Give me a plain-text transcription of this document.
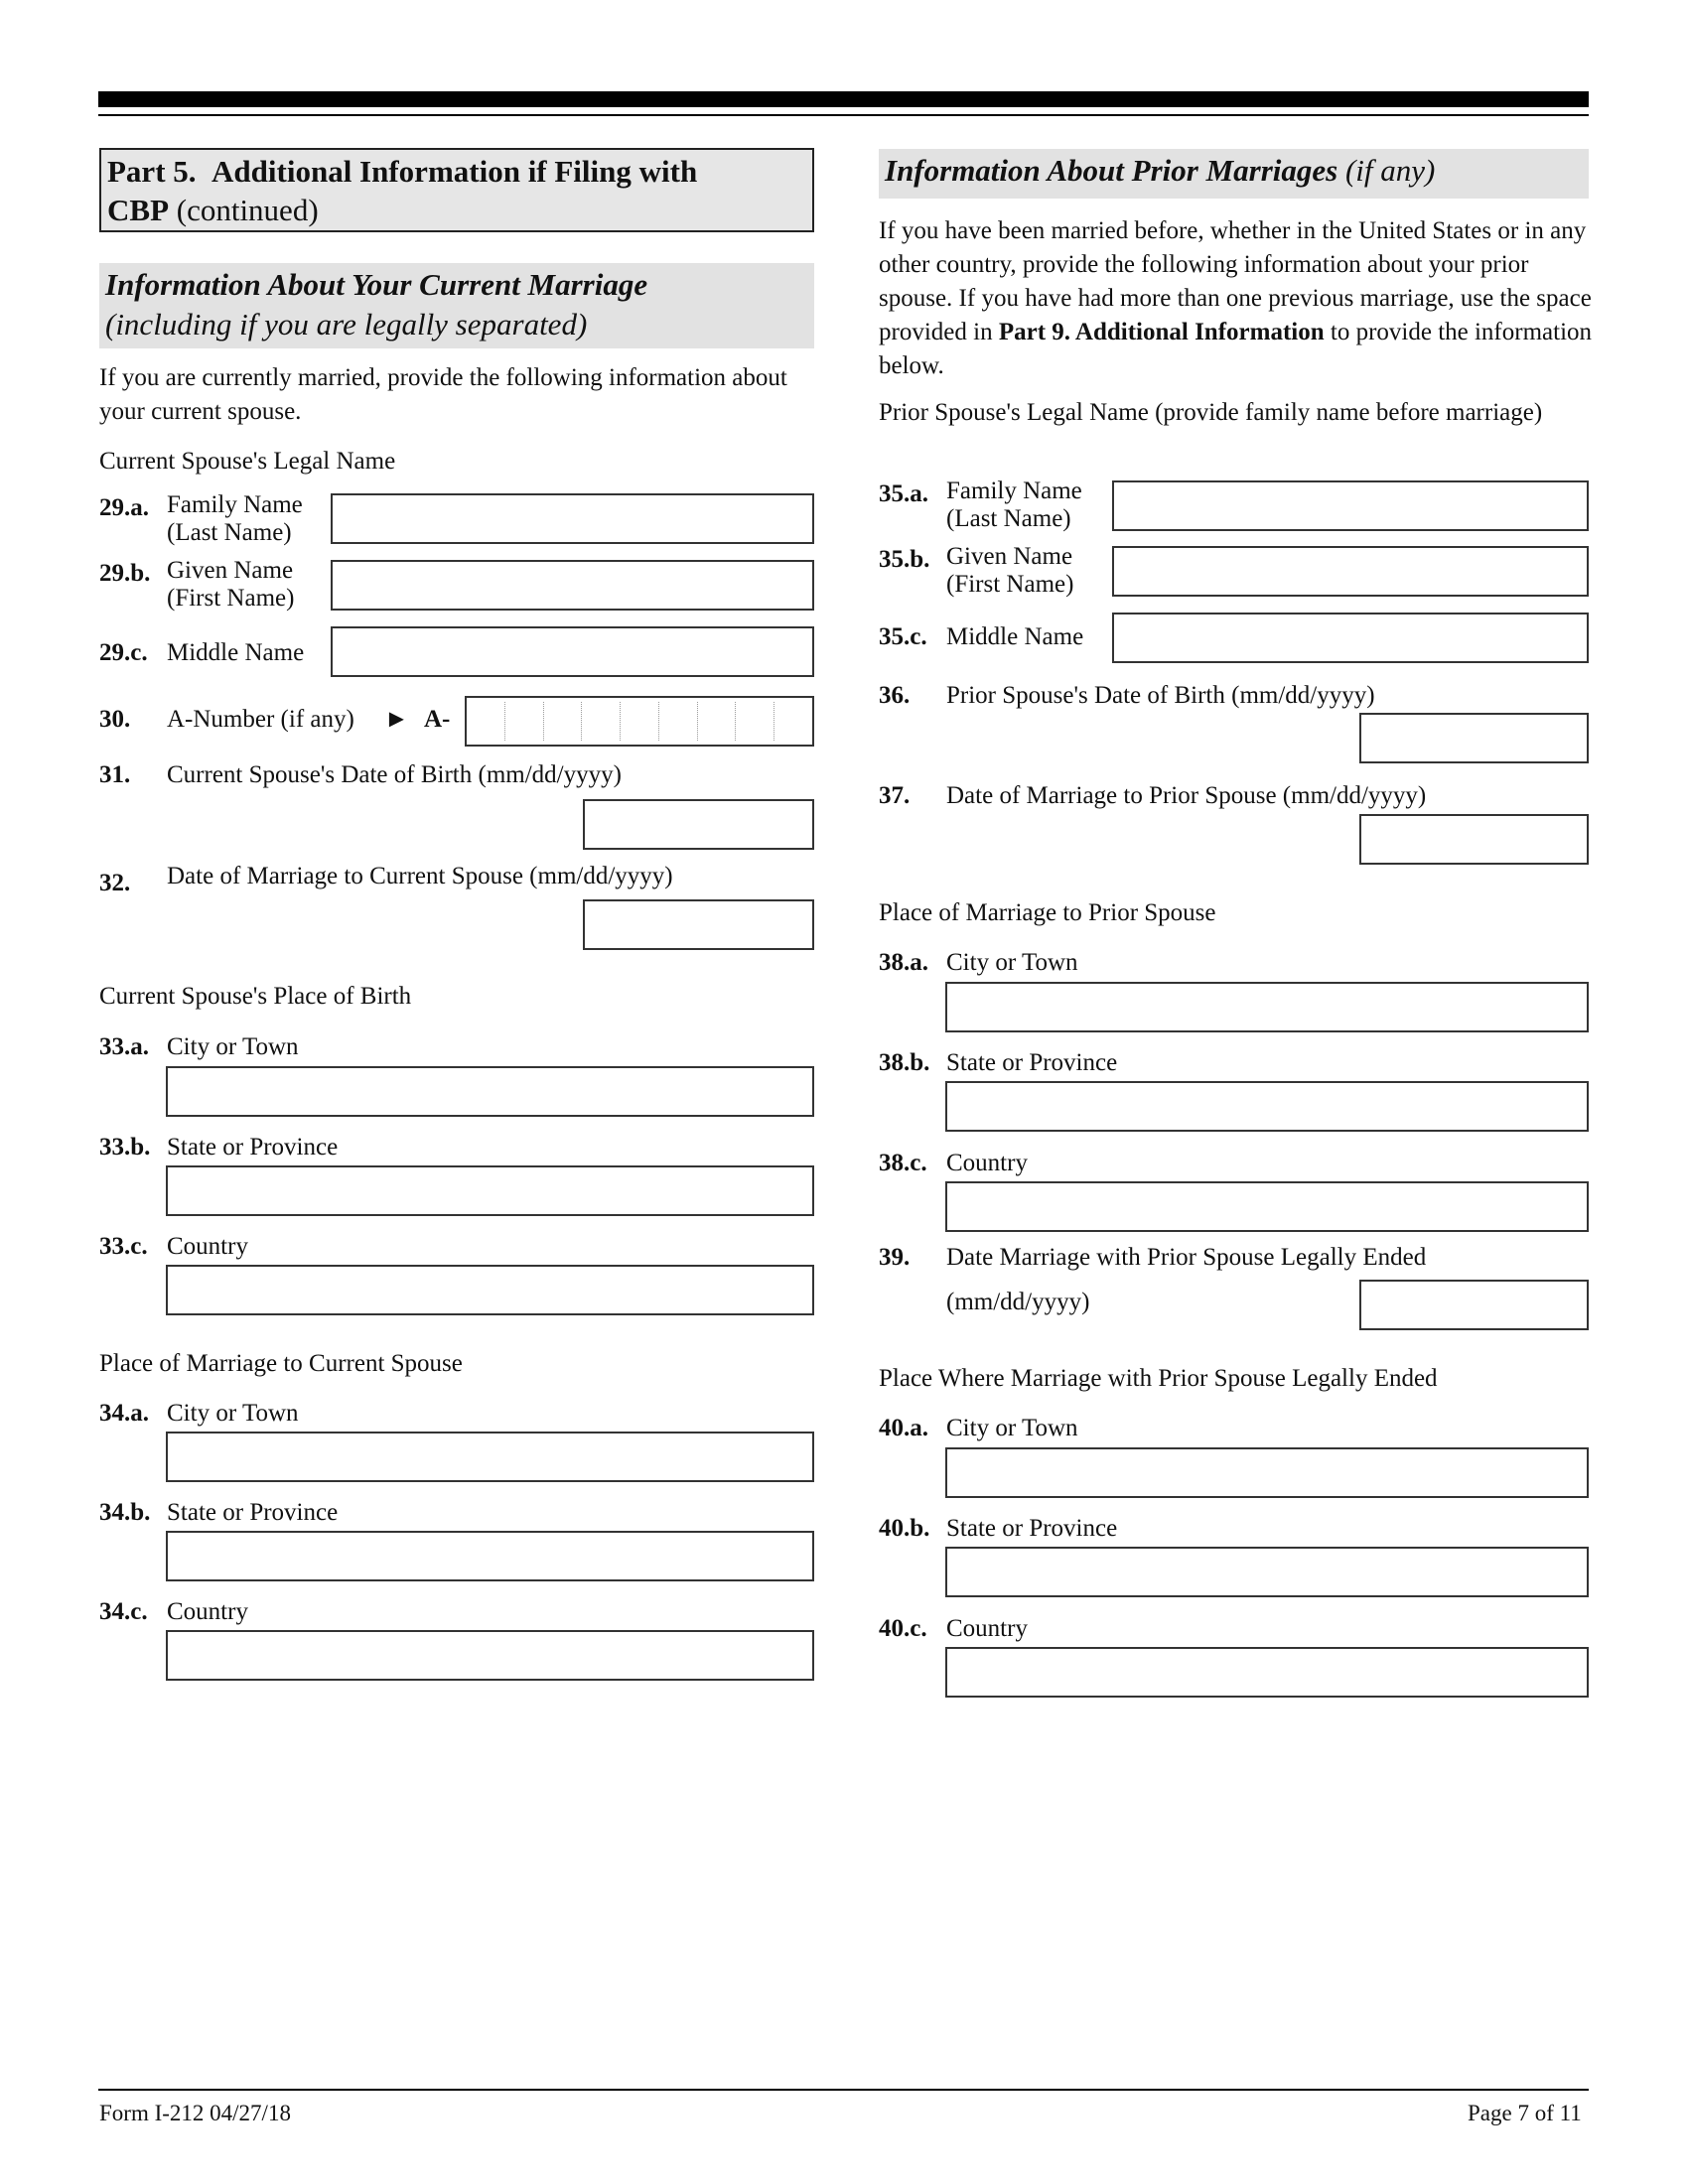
Part 5. Additional Information if Filing with
CBP (continued)
Information About Your Current Marriage
(including if you are legally separated)
If you are currently married, provide the following information about your current spouse.
Current Spouse's Legal Name
29.a. Family Name
(Last Name)
29.b. Given Name
(First Name)
29.c. Middle Name
30. A-Number (if any) ► A-
31. Current Spouse's Date of Birth (mm/dd/yyyy)
32. Date of Marriage to Current Spouse (mm/dd/yyyy)
Current Spouse's Place of Birth
33.a. City or Town
33.b. State or Province
33.c. Country
Place of Marriage to Current Spouse
34.a. City or Town
34.b. State or Province
34.c. Country
Information About Prior Marriages (if any)
If you have been married before, whether in the United States or in any other country, provide the following information about your prior spouse. If you have had more than one previous marriage, use the space provided in Part 9. Additional Information to provide the information below.
Prior Spouse's Legal Name (provide family name before marriage)
35.a. Family Name
(Last Name)
35.b. Given Name
(First Name)
35.c. Middle Name
36. Prior Spouse's Date of Birth (mm/dd/yyyy)
37. Date of Marriage to Prior Spouse (mm/dd/yyyy)
Place of Marriage to Prior Spouse
38.a. City or Town
38.b. State or Province
38.c. Country
39. Date Marriage with Prior Spouse Legally Ended
(mm/dd/yyyy)
Place Where Marriage with Prior Spouse Legally Ended
40.a. City or Town
40.b. State or Province
40.c. Country
Form I-212 04/27/18	Page 7 of 11
